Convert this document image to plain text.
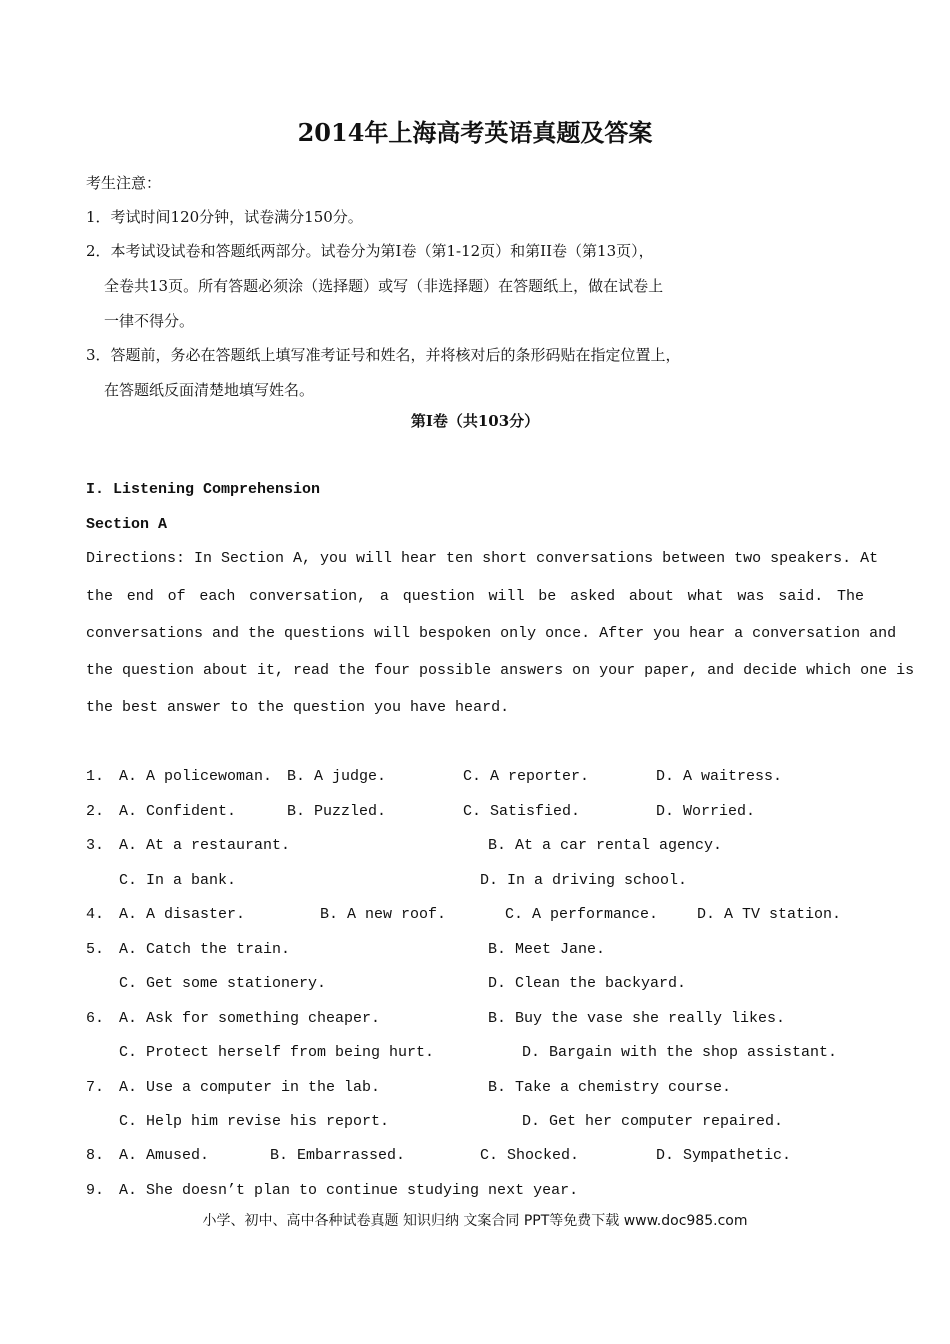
2014年上海高考英语真题及答案
考生注意：
1．考试时间120分钟，试卷满分150分。
2．本考试设试卷和答题纸两部分。试卷分为第I卷（第1-12页）和第II卷（第13页），
全卷共13页。所有答题必须涂（选择题）或写（非选择题）在答题纸上，做在试卷上
一律不得分。
3．答题前，务必在答题纸上填写准考证号和姓名，并将核对后的条形码贴在指定位置上，
在答题纸反面清楚地填写姓名。
第I卷（共103分）
I. Listening Comprehension
Section A
Directions: In Section A, you will hear ten short conversations between two speakers. At
the end of each conversation, a question will be asked about what was said. The
conversations and the questions will bespoken only once. After you hear a conversation and
the question about it, read the four possible answers on your paper, and decide which one is
the best answer to the question you have heard.
1. A. A policewoman. B. A judge.	C. A reporter.	D. A waitress.
2. A. Confident.	B. Puzzled.	C. Satisfied.	D. Worried.
3. A. At a restaurant.	B. At a car rental agency.
C. In a bank.	D. In a driving school.
4. A. A disaster.	B. A new roof.	C. A performance.	D. A TV station.
5. A. Catch the train.	B. Meet Jane.
C. Get some stationery.	D. Clean the backyard.
6. A. Ask for something cheaper.	B. Buy the vase she really likes.
C. Protect herself from being hurt.	D. Bargain with the shop assistant.
7. A. Use a computer in the lab.	B. Take a chemistry course.
C. Help him revise his report.	D. Get her computer repaired.
8. A. Amused.	B. Embarrassed.	C. Shocked.	D. Sympathetic.
9. A. She doesn’t plan to continue studying next year.
小学、初中、高中各种试卷真题 知识归纳 文案合同 PPT等免费下载 www.doc985.com
